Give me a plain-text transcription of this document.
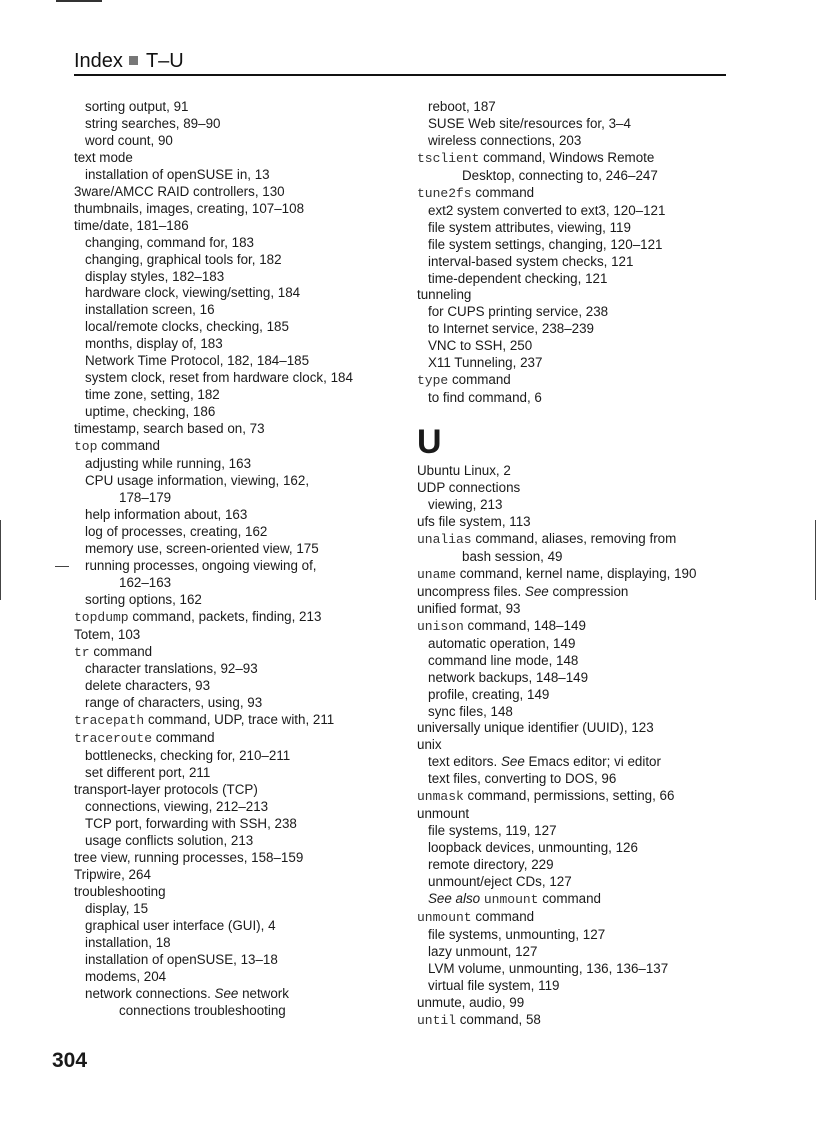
Index T–U
sorting output, 91
string searches, 89–90
word count, 90
text mode
installation of openSUSE in, 13
3ware/AMCC RAID controllers, 130
thumbnails, images, creating, 107–108
time/date, 181–186
changing, command for, 183
changing, graphical tools for, 182
display styles, 182–183
hardware clock, viewing/setting, 184
installation screen, 16
local/remote clocks, checking, 185
months, display of, 183
Network Time Protocol, 182, 184–185
system clock, reset from hardware clock, 184
time zone, setting, 182
uptime, checking, 186
timestamp, search based on, 73
top command
adjusting while running, 163
CPU usage information, viewing, 162,
178–179
help information about, 163
log of processes, creating, 162
memory use, screen-oriented view, 175
running processes, ongoing viewing of,
162–163
sorting options, 162
topdump command, packets, finding, 213
Totem, 103
tr command
character translations, 92–93
delete characters, 93
range of characters, using, 93
tracepath command, UDP, trace with, 211
traceroute command
bottlenecks, checking for, 210–211
set different port, 211
transport-layer protocols (TCP)
connections, viewing, 212–213
TCP port, forwarding with SSH, 238
usage conflicts solution, 213
tree view, running processes, 158–159
Tripwire, 264
troubleshooting
display, 15
graphical user interface (GUI), 4
installation, 18
installation of openSUSE, 13–18
modems, 204
network connections. See network
connections troubleshooting
reboot, 187
SUSE Web site/resources for, 3–4
wireless connections, 203
tsclient command, Windows Remote
Desktop, connecting to, 246–247
tune2fs command
ext2 system converted to ext3, 120–121
file system attributes, viewing, 119
file system settings, changing, 120–121
interval-based system checks, 121
time-dependent checking, 121
tunneling
for CUPS printing service, 238
to Internet service, 238–239
VNC to SSH, 250
X11 Tunneling, 237
type command
to find command, 6
U
Ubuntu Linux, 2
UDP connections
viewing, 213
ufs file system, 113
unalias command, aliases, removing from
bash session, 49
uname command, kernel name, displaying, 190
uncompress files. See compression
unified format, 93
unison command, 148–149
automatic operation, 149
command line mode, 148
network backups, 148–149
profile, creating, 149
sync files, 148
universally unique identifier (UUID), 123
unix
text editors. See Emacs editor; vi editor
text files, converting to DOS, 96
unmask command, permissions, setting, 66
unmount
file systems, 119, 127
loopback devices, unmounting, 126
remote directory, 229
unmount/eject CDs, 127
See also unmount command
unmount command
file systems, unmounting, 127
lazy unmount, 127
LVM volume, unmounting, 136, 136–137
virtual file system, 119
unmute, audio, 99
until command, 58
304
